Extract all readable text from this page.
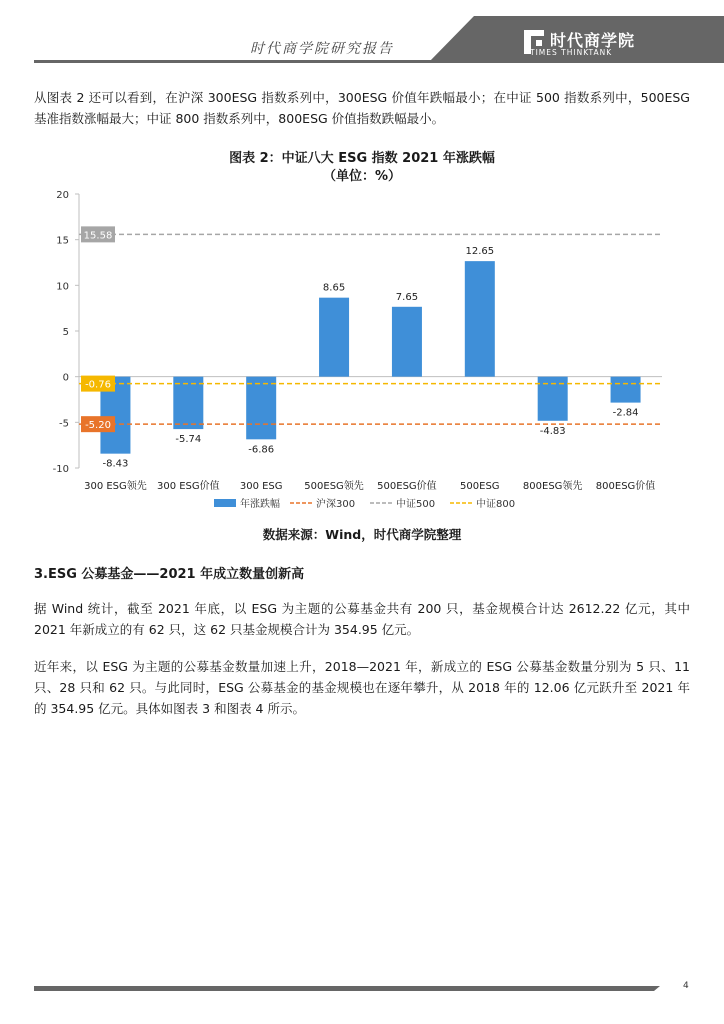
时代商学院研究报告	时代商学院
TIMES THINKTANK
从图表 2 还可以看到，在沪深 300ESG 指数系列中，300ESG 价值年跌幅最小；在中证 500 指数系列中，500ESG 基准指数涨幅最大；中证 800 指数系列中，800ESG 价值指数跌幅最小。
图表 2：中证八大 ESG 指数 2021 年涨跌幅
（单位：%）
20
15
10
5
0
-5
-10	-8.43
300 ESG领先
-5.74
300 ESG价值
-6.86
300 ESG
8.65
500ESG领先
7.65
500ESG价值
12.65
500ESG
-4.83
800ESG领先
-2.84
800ESG价值
-5.20
15.58
-0.76
年涨跌幅	沪深300	中证500	中证800
数据来源：Wind，时代商学院整理
3.ESG 公募基金——2021 年成立数量创新高
据 Wind 统计，截至 2021 年底，以 ESG 为主题的公募基金共有 200 只，基金规模合计达 2612.22 亿元，其中 2021 年新成立的有 62 只，这 62 只基金规模合计为 354.95 亿元。
近年来，以 ESG 为主题的公募基金数量加速上升，2018—2021 年，新成立的 ESG 公募基金数量分别为 5 只、11 只、28 只和 62 只。与此同时，ESG 公募基金的基金规模也在逐年攀升，从 2018 年的 12.06 亿元跃升至 2021 年的 354.95 亿元。具体如图表 3 和图表 4 所示。
4
